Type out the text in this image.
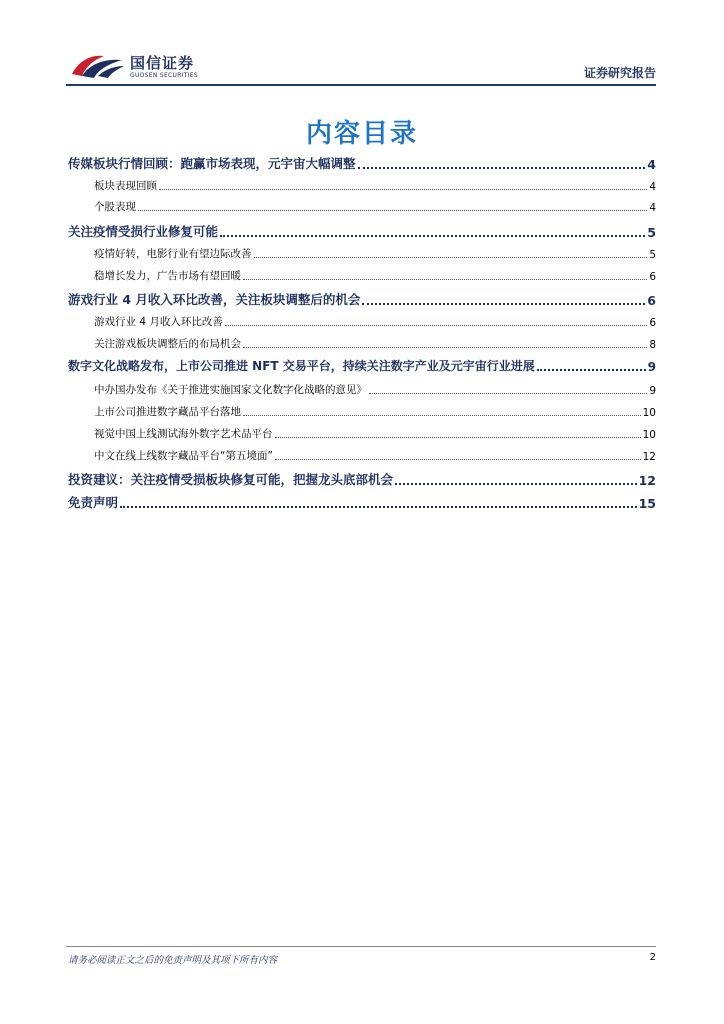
国信证券
GUOSEN SECURITIES	证券研究报告
内容目录
传媒板块行情回顾：跑赢市场表现，元宇宙大幅调整	4
板块表现回顾	4
个股表现	4
关注疫情受损行业修复可能	5
疫情好转，电影行业有望边际改善	5
稳增长发力，广告市场有望回暖	6
游戏行业 4 月收入环比改善，关注板块调整后的机会	6
游戏行业 4 月收入环比改善	6
关注游戏板块调整后的布局机会	8
数字文化战略发布，上市公司推进 NFT 交易平台，持续关注数字产业及元宇宙行业进展	9
中办国办发布《关于推进实施国家文化数字化战略的意见》	9
上市公司推进数字藏品平台落地	10
视觉中国上线测试海外数字艺术品平台	10
中文在线上线数字藏品平台“第五境面”	12
投资建议：关注疫情受损板块修复可能，把握龙头底部机会	12
免责声明	15
请务必阅读正文之后的免责声明及其项下所有内容	2
